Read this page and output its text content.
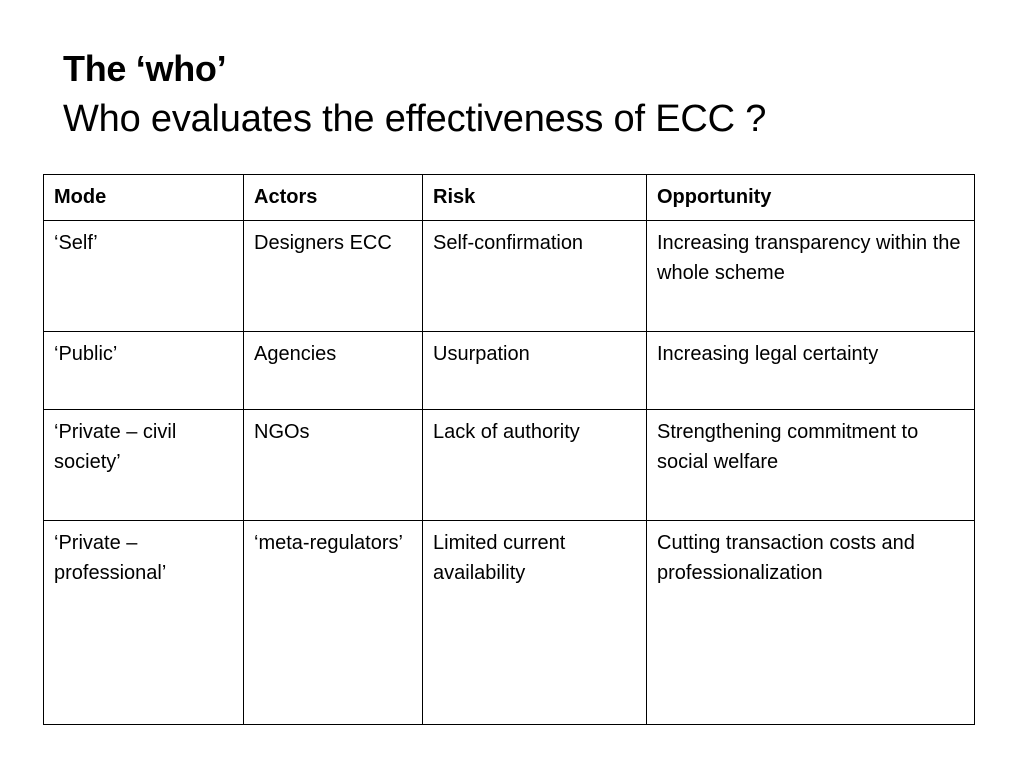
The ‘who’
Who evaluates the effectiveness of ECC ?
Mode	Actors	Risk	Opportunity
‘Self’	Designers ECC	Self-confirmation	Increasing transparency within the whole scheme
‘Public’	Agencies	Usurpation	Increasing legal certainty
‘Private – civil society’	NGOs	Lack of authority	Strengthening commitment to social welfare
‘Private – professional’	‘meta-regulators’	Limited current availability	Cutting transaction costs and professionalization
